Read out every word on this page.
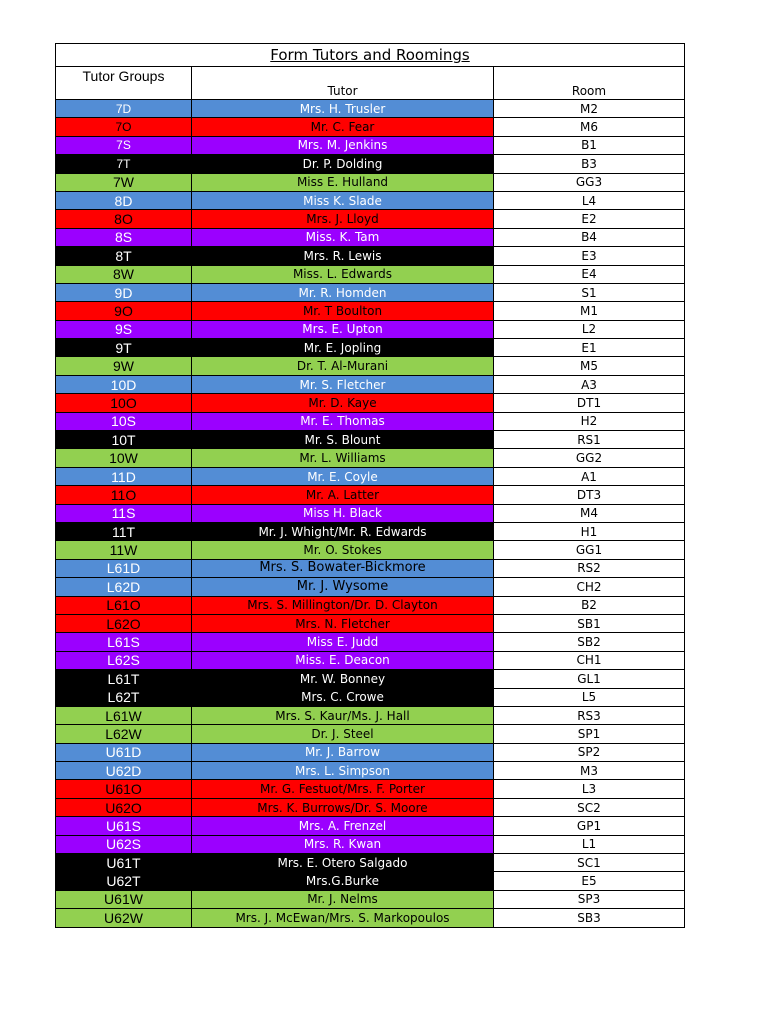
Form Tutors and Roomings		
Tutor Groups	Tutor	Room
7D	Mrs. H. Trusler	M2
7O	Mr. C. Fear	M6
7S	Mrs. M. Jenkins	B1
7T	Dr. P. Dolding	B3
7W	Miss E. Hulland	GG3
8D	Miss K. Slade	L4
8O	Mrs. J. Lloyd	E2
8S	Miss. K. Tam	B4
8T	Mrs. R. Lewis	E3
8W	Miss. L. Edwards	E4
9D	Mr. R. Homden	S1
9O	Mr. T Boulton	M1
9S	Mrs. E. Upton	L2
9T	Mr. E. Jopling	E1
9W	Dr. T. Al-Murani	M5
10D	Mr. S. Fletcher	A3
10O	Mr. D. Kaye	DT1
10S	Mr. E. Thomas	H2
10T	Mr. S. Blount	RS1
10W	Mr. L. Williams	GG2
11D	Mr. E. Coyle	A1
11O	Mr. A. Latter	DT3
11S	Miss H. Black	M4
11T	Mr. J. Whight/Mr. R. Edwards	H1
11W	Mr. O. Stokes	GG1
L61D	Mrs. S. Bowater-Bickmore	RS2
L62D	Mr. J. Wysome	CH2
L61O	Mrs. S. Millington/Dr. D. Clayton	B2
L62O	Mrs. N. Fletcher	SB1
L61S	Miss E. Judd	SB2
L62S	Miss. E. Deacon	CH1
L61T	Mr. W. Bonney	GL1
L62T	Mrs. C. Crowe	L5
L61W	Mrs. S. Kaur/Ms. J. Hall	RS3
L62W	Dr. J. Steel	SP1
U61D	Mr. J. Barrow	SP2
U62D	Mrs. L. Simpson	M3
U61O	Mr. G. Festuot/Mrs. F. Porter	L3
U62O	Mrs. K. Burrows/Dr. S. Moore	SC2
U61S	Mrs. A. Frenzel	GP1
U62S	Mrs. R. Kwan	L1
U61T	Mrs. E. Otero Salgado	SC1
U62T	Mrs.G.Burke	E5
U61W	Mr. J. Nelms	SP3
U62W	Mrs. J. McEwan/Mrs. S. Markopoulos	SB3
